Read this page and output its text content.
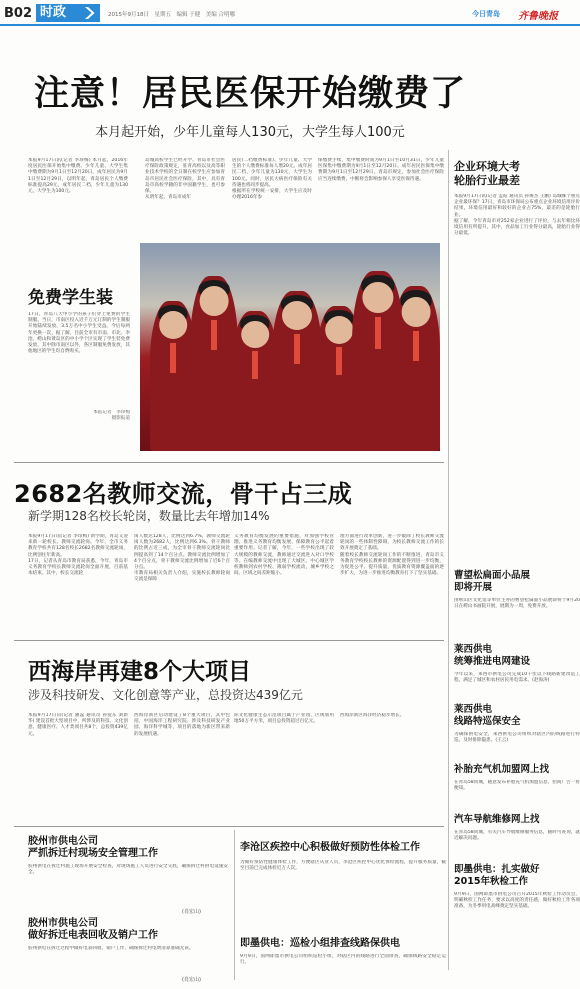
B02 时政	2015年9月18日　星期五　编辑 于健　美编 合明哪	今日青岛 齐鲁晚报
注意！居民医保开始缴费了
本月起开始，少年儿童每人130元，大学生每人100元
本报9月17日讯(记者 李珍梅) 本月起，2016年度居民医保开始集中缴费。少年儿童、大学生集中缴费期为9月1日至12月20日，成年居民为9月1日至12月29日，以明年起，青岛居民个人缴费标准提高29元，成年居民二档、少年儿童为130元，大学生为100元。
岛城高校学生已经开学。青岛市社会医疗保险政策规定，驻青高校以及高等职业技术学校的全日制在校学生应参加青岛市居民社会医疗保险，其中，具有青岛市高校学籍的非中国籍学生，也可参保。
从明年起，青岛市成年
居民(二档缴费标准)、少年儿童、大学生的个人缴费标准每人增20元。成年居民二档、少年儿童为130元，大学生为100元。同时，居民大病医疗保险有关待遇也将同步提高。
根据所在学校统一安排，大学生应及时办理2016年参
保缴费手续，集中缴费时间为9月1日至10月31日，少年儿童医保集中缴费期为9月1日至12月20日。成年居民医保集中缴费期为9月1日至12月29日，青岛市规定，参加社会医疗保险应当连续缴费，中断将会影响参保人享受医保待遇。
免费学生装
17日，青岛八大中小学的孩子们穿上免费的学生制服。当日，市南区投入近千万元订制的学生制服开始陆续发放。3.5万名中小学生受益。今后每两年更换一次，据了解，目前全市有市南、市北、李沧、崂山和黄岛区的中小学个区实现了学生装免费发放，其中除市南区以外，各区制服免费发放，其他地区的学生均自费购买。
本报记者　李珍梅
摄影报道
2682名教师交流，骨干占三成
新学期128名校长轮岗，数量比去年增加14%
本报9月17日讯(记者 李珍梅) 新学期，青岛又迎来新一轮校长、教师交流轮岗。今年，全市义务教育学校共有128名校长2682名教师交流轮岗，比例创往年新高。
17日，记者从青岛市教育局获悉，今年，青岛市义务教育学校长教师交流轮岗全面开展，目前基本结束。其中，校长交流轮
岗人数达128人，比例达到6.7%，教师交流轮岗人数为2682人，比例达到6.3%。骨干教师的比例占近三成，为全市骨干教师交流轮岗比例提高到了14个百分点。教师交流比例增加了4个百分点，骨干教师交流比例增加了近6个百分点。
市教育局相关负责人介绍，实施校长教师轮岗交流是保障
义务教育均衡发展的重要措施，对加强学校管理、推进义务教育均衡发展、保障教育公平起着重要作用。记者了解，今年，一些学校出现了较大规模的教师交流，教师通过交流进入对口学校等。在编教师交流中出现了大城区、中心城区学校教师到农村学校、薄弱学校流动，城乡学校之间、区域之间差距缩小。
理方面进行改革创新，进一步破除了校长教师交流轮岗的一些体制性障碍，为校长教师交流工作的长效开展奠定了基础。
随着校长教师交流轮岗工作的不断推进，青岛市义务教育学校校长教师的资源配置得到进一步均衡，为促进公平、提升质量，优质教育资源覆盖面的逐步扩大，为进一步推进均衡教育打下了坚实基础。
西海岸再建8个大项目
涉及科技研发、文化创意等产业，总投资达439亿元
本报9月17日讯(记者 潘蕊 通讯员 孙爱东 刘新华) 建设首批大型项目中，所涉及的科技、文化创意、健康医疗、人才类项目共8个，总投资439亿元。
西海岸新区启动建设了8个重大项目，其中包括，中国海洋工程研究院、涉及科技研发产业园、海洋科学城等，项目的落地为新区带来新的发展机遇。
际文化健康生态示范项目属于产业园，区规划用地50万平方米，项目总投资超过百亿元。
西海岸新区海洋经济稳步增长。
胶州市供电公司
严抓拆迁村现场安全管理工作
胶州供电在拆迁村施工现场开展安全检查，对现场施工人员进行安全交底，确保拆迁村供电设施安全。
(肖宏山)
胶州市供电公司
做好拆迁电表回收及销户工作
胶州供电在拆迁过程中做好电表回收、销户工作，确保拆迁村电费清算准确无误。
(肖宏山)
李沧区疾控中心积极做好预防性体检工作
为做好预防性健康体检工作，方便辖区从业人员，李沧区疾控中心优化体检流程，提升服务质量，截至目前已完成体检近万人次。
即墨供电：巡检小组排查线路保供电
9月9日，国网即墨市供电公司组织巡检小组，对辖区内的线路进行全面排查，确保线路安全稳定运行。
企业环境大考
轮胎行业最差
本报9月17日讯(记者 孟皓 通讯员 孙俊杰 王鹏) 岛城哪个重点企业最环保？17日，青岛市环保局公布重点企业环境信用评价结果，环境信用最好和较好的企业占75%，最差的是轮胎行业。
据了解，今年青岛市对252家企业进行了评价，与去年相比环境信用有所提升。其中，食品加工行业得分最高，轮胎行业得分最低。
曹望松扁面小品展
即将开展
由崂山区文化馆等单位主办的曹望松扁面小品展即将于9月20日在崂山书画院开展，展期为一周，免费开放。
莱西供电
统筹推进电网建设
今年以来，莱西市供电公司完成10千伏以下线路新建改造工程，满足了城区和农村居民用电需求。(赵海涛)
莱西供电
线路特巡保安全
为确保供电安全，莱西供电公司组织对辖区内的线路进行特巡，及时排除隐患。(王云)
补胎充气机加盟网上找
在青岛58同城，随意发布补胎充气机加盟信息，招商广告一看便知。
汽车导航维修网上找
在青岛58同城，有关汽车导航维修服务信息，随时可查询，就近解决问题。
即墨供电：扎实做好
2015年秋检工作
9月9日，国网即墨市供电公司召开2015年秋检工作动员会，明确秋检工作任务，要求以高度的责任感，做好秋检工作各项准备，为冬季用电高峰奠定坚实基础。
